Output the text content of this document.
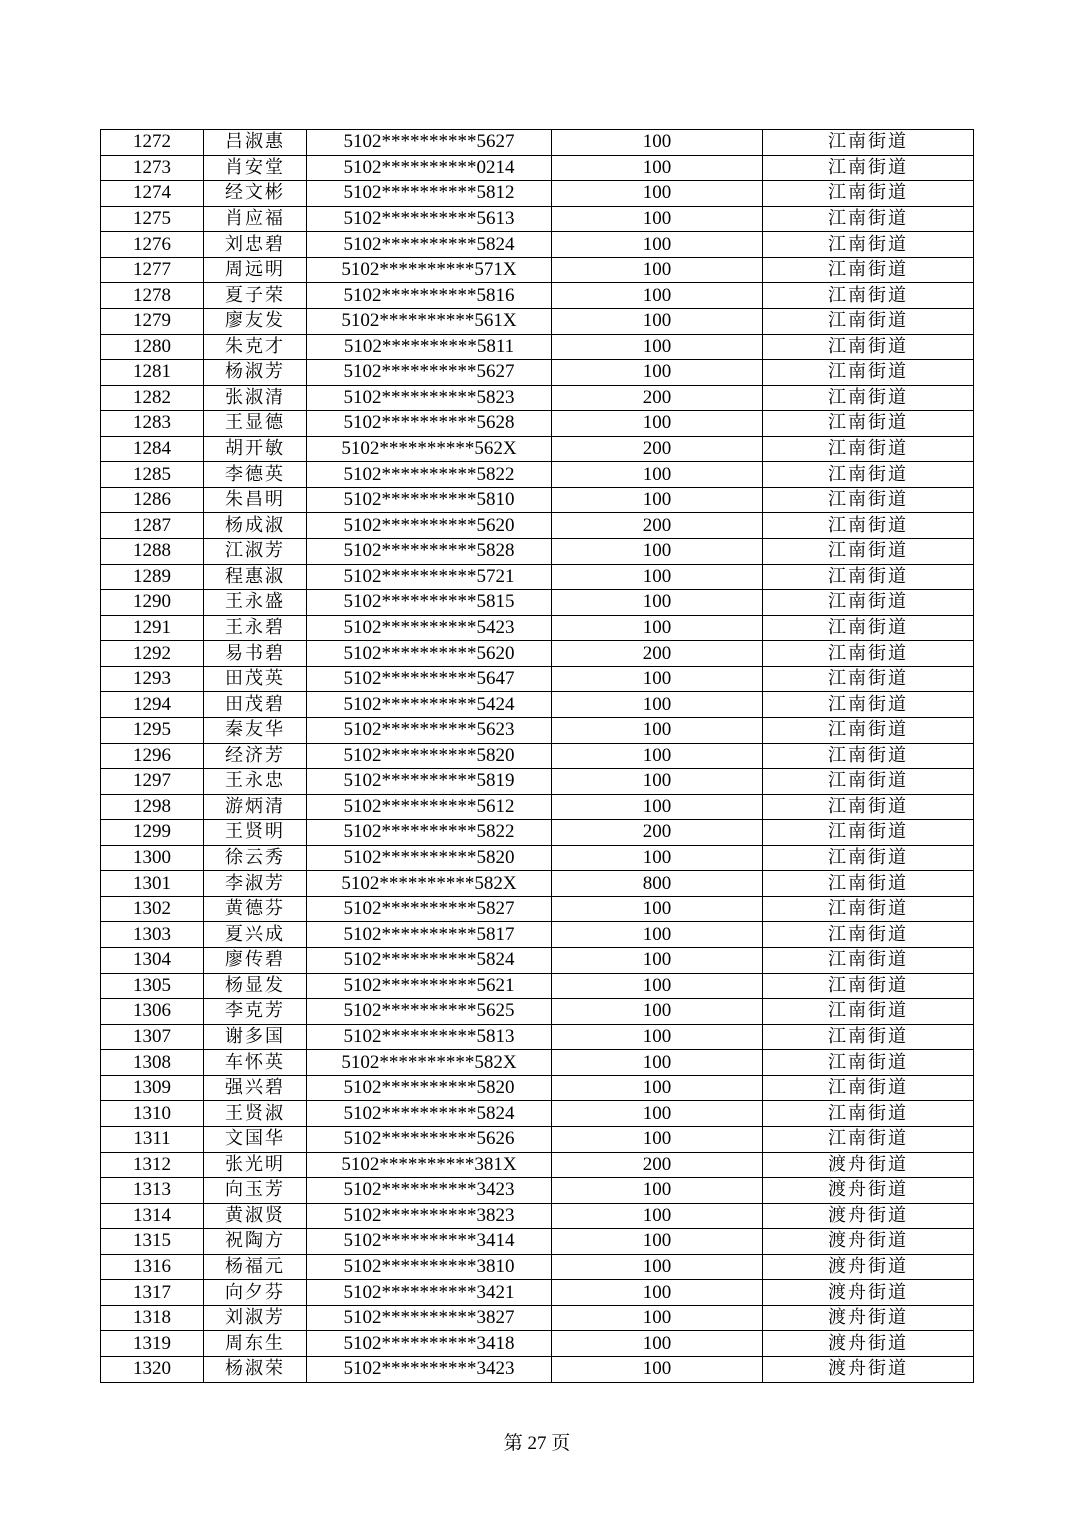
1272	吕淑惠	5102**********5627	100	江南街道
1273	肖安堂	5102**********0214	100	江南街道
1274	经文彬	5102**********5812	100	江南街道
1275	肖应福	5102**********5613	100	江南街道
1276	刘忠碧	5102**********5824	100	江南街道
1277	周远明	5102**********571X	100	江南街道
1278	夏子荣	5102**********5816	100	江南街道
1279	廖友发	5102**********561X	100	江南街道
1280	朱克才	5102**********5811	100	江南街道
1281	杨淑芳	5102**********5627	100	江南街道
1282	张淑清	5102**********5823	200	江南街道
1283	王显德	5102**********5628	100	江南街道
1284	胡开敏	5102**********562X	200	江南街道
1285	李德英	5102**********5822	100	江南街道
1286	朱昌明	5102**********5810	100	江南街道
1287	杨成淑	5102**********5620	200	江南街道
1288	江淑芳	5102**********5828	100	江南街道
1289	程惠淑	5102**********5721	100	江南街道
1290	王永盛	5102**********5815	100	江南街道
1291	王永碧	5102**********5423	100	江南街道
1292	易书碧	5102**********5620	200	江南街道
1293	田茂英	5102**********5647	100	江南街道
1294	田茂碧	5102**********5424	100	江南街道
1295	秦友华	5102**********5623	100	江南街道
1296	经济芳	5102**********5820	100	江南街道
1297	王永忠	5102**********5819	100	江南街道
1298	游炳清	5102**********5612	100	江南街道
1299	王贤明	5102**********5822	200	江南街道
1300	徐云秀	5102**********5820	100	江南街道
1301	李淑芳	5102**********582X	800	江南街道
1302	黄德芬	5102**********5827	100	江南街道
1303	夏兴成	5102**********5817	100	江南街道
1304	廖传碧	5102**********5824	100	江南街道
1305	杨显发	5102**********5621	100	江南街道
1306	李克芳	5102**********5625	100	江南街道
1307	谢多国	5102**********5813	100	江南街道
1308	车怀英	5102**********582X	100	江南街道
1309	强兴碧	5102**********5820	100	江南街道
1310	王贤淑	5102**********5824	100	江南街道
1311	文国华	5102**********5626	100	江南街道
1312	张光明	5102**********381X	200	渡舟街道
1313	向玉芳	5102**********3423	100	渡舟街道
1314	黄淑贤	5102**********3823	100	渡舟街道
1315	祝陶方	5102**********3414	100	渡舟街道
1316	杨福元	5102**********3810	100	渡舟街道
1317	向夕芬	5102**********3421	100	渡舟街道
1318	刘淑芳	5102**********3827	100	渡舟街道
1319	周东生	5102**********3418	100	渡舟街道
1320	杨淑荣	5102**********3423	100	渡舟街道
第 27 页
